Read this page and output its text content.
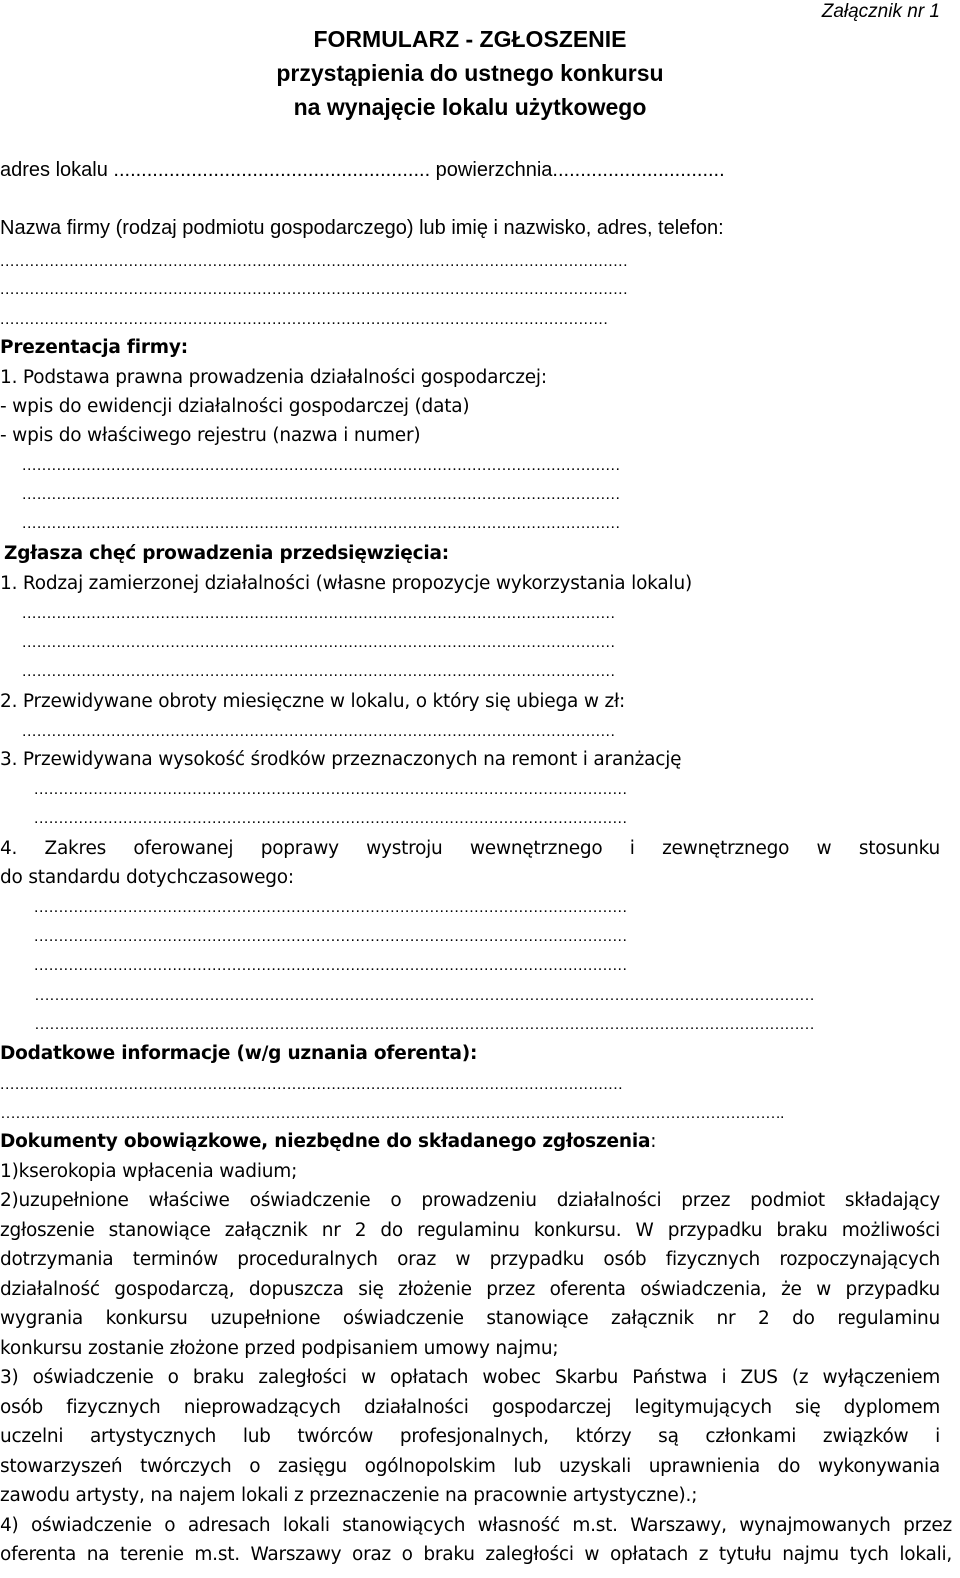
Załącznik nr 1
FORMULARZ - ZGŁOSZENIE
przystąpienia do ustnego konkursu
na wynajęcie lokalu użytkowego
adres lokalu ......................................................... powierzchnia...............................
Nazwa firmy (rodzaj podmiotu gospodarczego) lub imię i nazwisko, adres, telefon:
...............................................................................................................................
...............................................................................................................................
...........................................................................................................................
Prezentacja firmy:
1. Podstawa prawna prowadzenia działalności gospodarczej:
- wpis do ewidencji działalności gospodarczej (data)
- wpis do właściwego rejestru (nazwa i numer)
.........................................................................................................................
.........................................................................................................................
.........................................................................................................................
Zgłasza chęć prowadzenia przedsięwzięcia:
1. Rodzaj zamierzonej działalności (własne propozycje wykorzystania lokalu)
........................................................................................................................
........................................................................................................................
........................................................................................................................
2. Przewidywane obroty miesięczne w lokalu, o który się ubiega w zł:
........................................................................................................................
3. Przewidywana wysokość środków przeznaczonych na remont i aranżację
........................................................................................................................
........................................................................................................................
4. Zakres oferowanej poprawy wystroju wewnętrznego i zewnętrznego w stosunku
do standardu dotychczasowego:
........................................................................................................................
........................................................................................................................
........................................................................................................................
…………………………………………………………………………………………………………………………………………
…………………………………………………………………………………………………………………………………………
Dodatkowe informacje (w/g uznania oferenta):
..............................................................................................................................
………………………………………………………………………………………………………………………………………….
Dokumenty obowiązkowe, niezbędne do składanego zgłoszenia:
1)kserokopia wpłacenia wadium;
2)uzupełnione właściwe oświadczenie o prowadzeniu działalności przez podmiot składający
zgłoszenie stanowiące załącznik nr 2 do regulaminu konkursu. W przypadku braku możliwości
dotrzymania terminów proceduralnych oraz w przypadku osób fizycznych rozpoczynających
działalność gospodarczą, dopuszcza się złożenie przez oferenta oświadczenia, że w przypadku
wygrania konkursu uzupełnione oświadczenie stanowiące załącznik nr 2 do regulaminu
konkursu zostanie złożone przed podpisaniem umowy najmu;
3) oświadczenie o braku zaległości w opłatach wobec Skarbu Państwa i ZUS (z wyłączeniem
osób fizycznych nieprowadzących działalności gospodarczej legitymujących się dyplomem
uczelni artystycznych lub twórców profesjonalnych, którzy są członkami związków i
stowarzyszeń twórczych o zasięgu ogólnopolskim lub uzyskali uprawnienia do wykonywania
zawodu artysty, na najem lokali z przeznaczenie na pracownie artystyczne).;
4) oświadczenie o adresach lokali stanowiących własność m.st. Warszawy, wynajmowanych przez
oferenta na terenie m.st. Warszawy oraz o braku zaległości w opłatach z tytułu najmu tych lokali,
